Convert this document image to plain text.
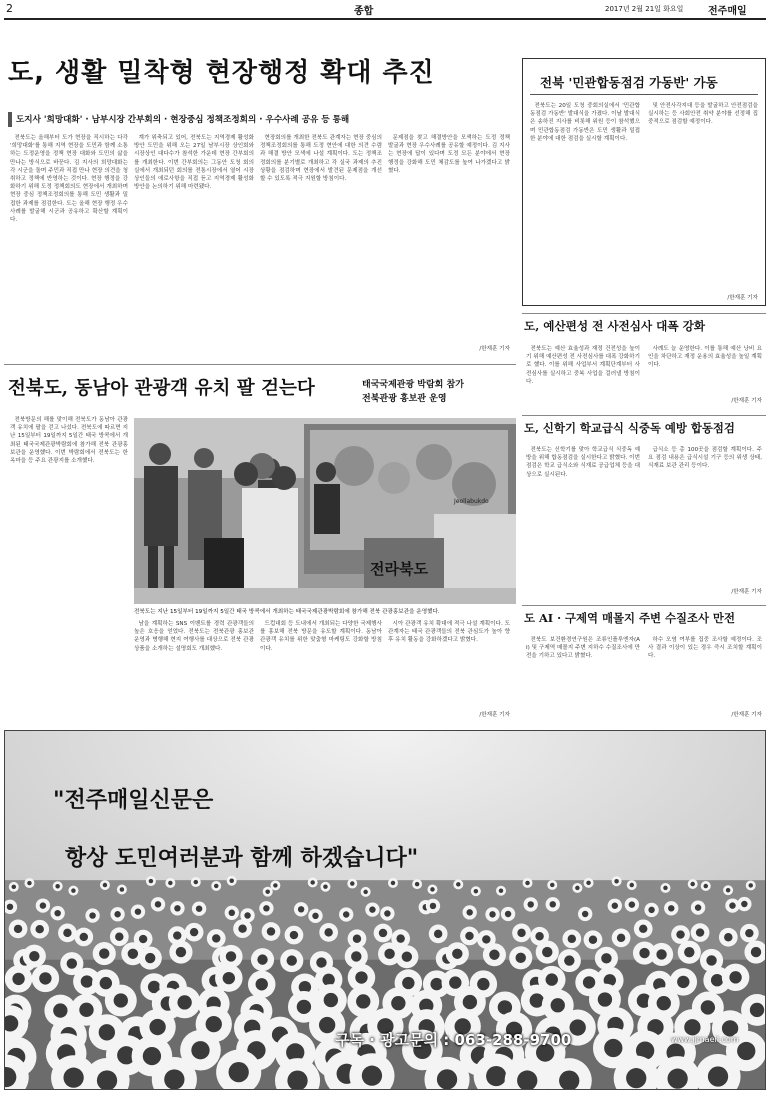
2	종합	2017년 2월 21일 화요일 전주매일
도, 생활 밀착형 현장행정 확대 추진
도지사 '희망대화' · 남부시장 간부회의 · 현장중심 정책조정회의 · 우수사례 공유 등 통해

전북도는 올해부터 도가 현장을 직시하는 다각 '희망대화'를 통해 지역 현장을 도민과 함께 소통하는 도정운영을 정책 현장 대화와 도민의 삶을 만나는 방식으로 바꾼다. 김 지사의 희망대화는 각 시군을 돌며 주민과 직접 만나 현장 의견을 청취하고 정책에 반영하는 것이다. 현장 행정을 강화하기 위해 도정 정책회의도 현장에서 개최하며 현장 중심 정책조정회의를 통해 도민 생활과 밀접한 과제를 점검한다. 도는 올해 현장 행정 우수사례를 발굴해 시군과 공유하고 확산할 계획이다.

계가 위축되고 있어, 전북도는 지역경제 활성화 방안 도민을 위해 오는 27일 남부시장 상인회와 시장상인 대다수가 참석한 가운데 현장 간부회의를 개최한다. 이번 간부회의는 그동안 도청 회의실에서 개최되던 회의를 전통시장에서 열어 시장 상인들의 애로사항을 직접 듣고 지역경제 활성화 방안을 논의하기 위해 마련됐다.

현장회의를 개최한 전북도 관계자는 현장 중심의 정책조정회의를 통해 도정 현안에 대한 의견 수렴과 해결 방안 모색에 나설 계획이다. 도는 정책조정회의를 분기별로 개최하고 각 실국 과제의 추진 상황을 점검하며 현장에서 발견된 문제점을 개선할 수 있도록 적극 지원할 방침이다.

문제점을 찾고 해결방안을 모색하는 도정 정책 발굴과 현장 우수사례를 공유할 예정이다. 김 지사는 현장에 답이 있다며 도정 모든 분야에서 현장 행정을 강화해 도민 체감도를 높여 나가겠다고 밝혔다.

/한재훈 기자
전북 '민관합동점검 가동반' 가동

전북도는 20일 도청 중회의실에서 '민관합동점검 가동반' 발대식을 가졌다. 이날 발대식은 송하진 지사를 비롯해 위원 등이 참석했으며 민관합동점검 가동반은 도민 생활과 밀접한 분야에 대한 점검을 실시할 계획이다.

및 안전사각지대 등을 발굴하고 안전점검을 실시하는 등 사회안전 취약 분야를 선정해 집중적으로 점검할 예정이다.

/한재훈 기자
도, 예산편성 전 사전심사 대폭 강화

전북도는 예산 효율성과 재정 건전성을 높이기 위해 예산편성 전 사전심사를 대폭 강화하기로 했다. 이를 위해 사업부서 계획단계부터 사전심사를 실시하고 중복 사업을 걸러낼 방침이다.

사례도 늘 운영한다. 이를 통해 예산 낭비 요인을 차단하고 재정 운용의 효율성을 높일 계획이다.

/한재훈 기자
도, 신학기 학교급식 식중독 예방 합동점검

전북도는 신학기를 맞아 학교급식 식중독 예방을 위해 합동점검을 실시한다고 밝혔다. 이번 점검은 학교 급식소와 식재료 공급업체 등을 대상으로 실시된다.

급식소 등 총 100곳을 점검할 계획이다. 주요 점검 내용은 급식시설 기구 등의 위생 상태, 식재료 보관 관리 등이다.

/한재훈 기자
도 AI · 구제역 매몰지 주변 수질조사 만전

전북도 보건환경연구원은 조류인플루엔자(AI) 및 구제역 매몰지 주변 지하수 수질조사에 만전을 기하고 있다고 밝혔다.

하수 오염 여부를 집중 조사할 예정이다. 조사 결과 이상이 있는 경우 즉시 조치할 계획이다.

/한재훈 기자
전북도, 동남아 관광객 유치 팔 걷는다	태국국제관광 박람회 참가
전북관광 홍보관 운영

전북방문의 해를 맞이해 전북도가 동남아 관광객 유치에 팔을 걷고 나섰다. 전북도에 따르면 지난 15일부터 19일까지 5일간 태국 방콕에서 개최된 태국국제관광박람회에 참가해 전북 관광홍보관을 운영했다. 이번 박람회에서 전북도는 한옥마을 등 주요 관광지를 소개했다.

전라북도
Jeollabukdo
전북도는 지난 15일부터 19일까지 5일간 태국 방콕에서 개최하는 태국국제관광박람회에 참가해 전북 관광홍보관을 운영했다.

남을 계획하는 SNS 이벤트를 경력 관광객들의 높은 호응을 얻었다. 전북도는 전북관광 홍보관 운영과 병행해 현지 여행사를 대상으로 전북 관광상품을 소개하는 설명회도 개최했다.

드컵대회 등 도내에서 개최되는 다양한 국제행사를 홍보해 전북 방문을 유도할 계획이다. 동남아 관광객 유치를 위한 맞춤형 마케팅도 강화할 방침이다.

시아 관광객 유치 확대에 적극 나설 계획이다. 도 관계자는 태국 관광객들의 전북 관심도가 높아 향후 유치 활동을 강화하겠다고 밝혔다.

/한재훈 기자
"전주매일신문은
항상 도민여러분과 함께 하겠습니다"
구독 · 광고문의 : 063-288-9700	www.jjmaeil.com
